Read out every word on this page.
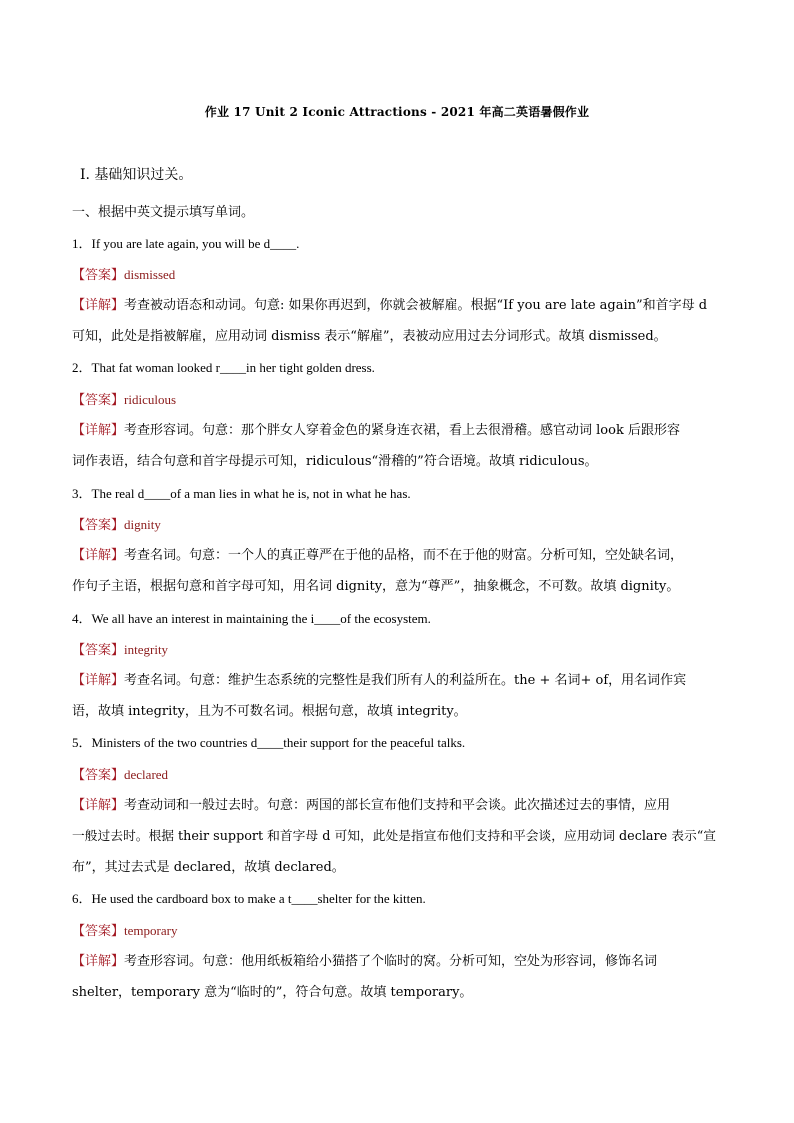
作业 17 Unit 2 Iconic Attractions - 2021 年高二英语暑假作业
I. 基础知识过关。
一、根据中英文提示填写单词。
1．If you are late again, you will be d____.
【答案】dismissed
【详解】考查被动语态和动词。句意: 如果你再迟到，你就会被解雇。根据“If you are late again”和首字母 d
可知，此处是指被解雇，应用动词 dismiss 表示“解雇”，表被动应用过去分词形式。故填 dismissed。
2．That fat woman looked r____in her tight golden dress.
【答案】ridiculous
【详解】考查形容词。句意：那个胖女人穿着金色的紧身连衣裙，看上去很滑稽。感官动词 look 后跟形容
词作表语，结合句意和首字母提示可知，ridiculous“滑稽的”符合语境。故填 ridiculous。
3．The real d____of a man lies in what he is, not in what he has.
【答案】dignity
【详解】考查名词。句意：一个人的真正尊严在于他的品格，而不在于他的财富。分析可知，空处缺名词，
作句子主语，根据句意和首字母可知，用名词 dignity，意为“尊严”，抽象概念，不可数。故填 dignity。
4．We all have an interest in maintaining the i____of the ecosystem.
【答案】integrity
【详解】考查名词。句意：维护生态系统的完整性是我们所有人的利益所在。the + 名词+ of，用名词作宾
语，故填 integrity，且为不可数名词。根据句意，故填 integrity。
5．Ministers of the two countries d____their support for the peaceful talks.
【答案】declared
【详解】考查动词和一般过去时。句意：两国的部长宣布他们支持和平会谈。此次描述过去的事情，应用
一般过去时。根据 their support 和首字母 d 可知，此处是指宣布他们支持和平会谈，应用动词 declare 表示“宣
布”，其过去式是 declared，故填 declared。
6．He used the cardboard box to make a t____shelter for the kitten.
【答案】temporary
【详解】考查形容词。句意：他用纸板箱给小猫搭了个临时的窝。分析可知，空处为形容词，修饰名词
shelter，temporary 意为“临时的”，符合句意。故填 temporary。
